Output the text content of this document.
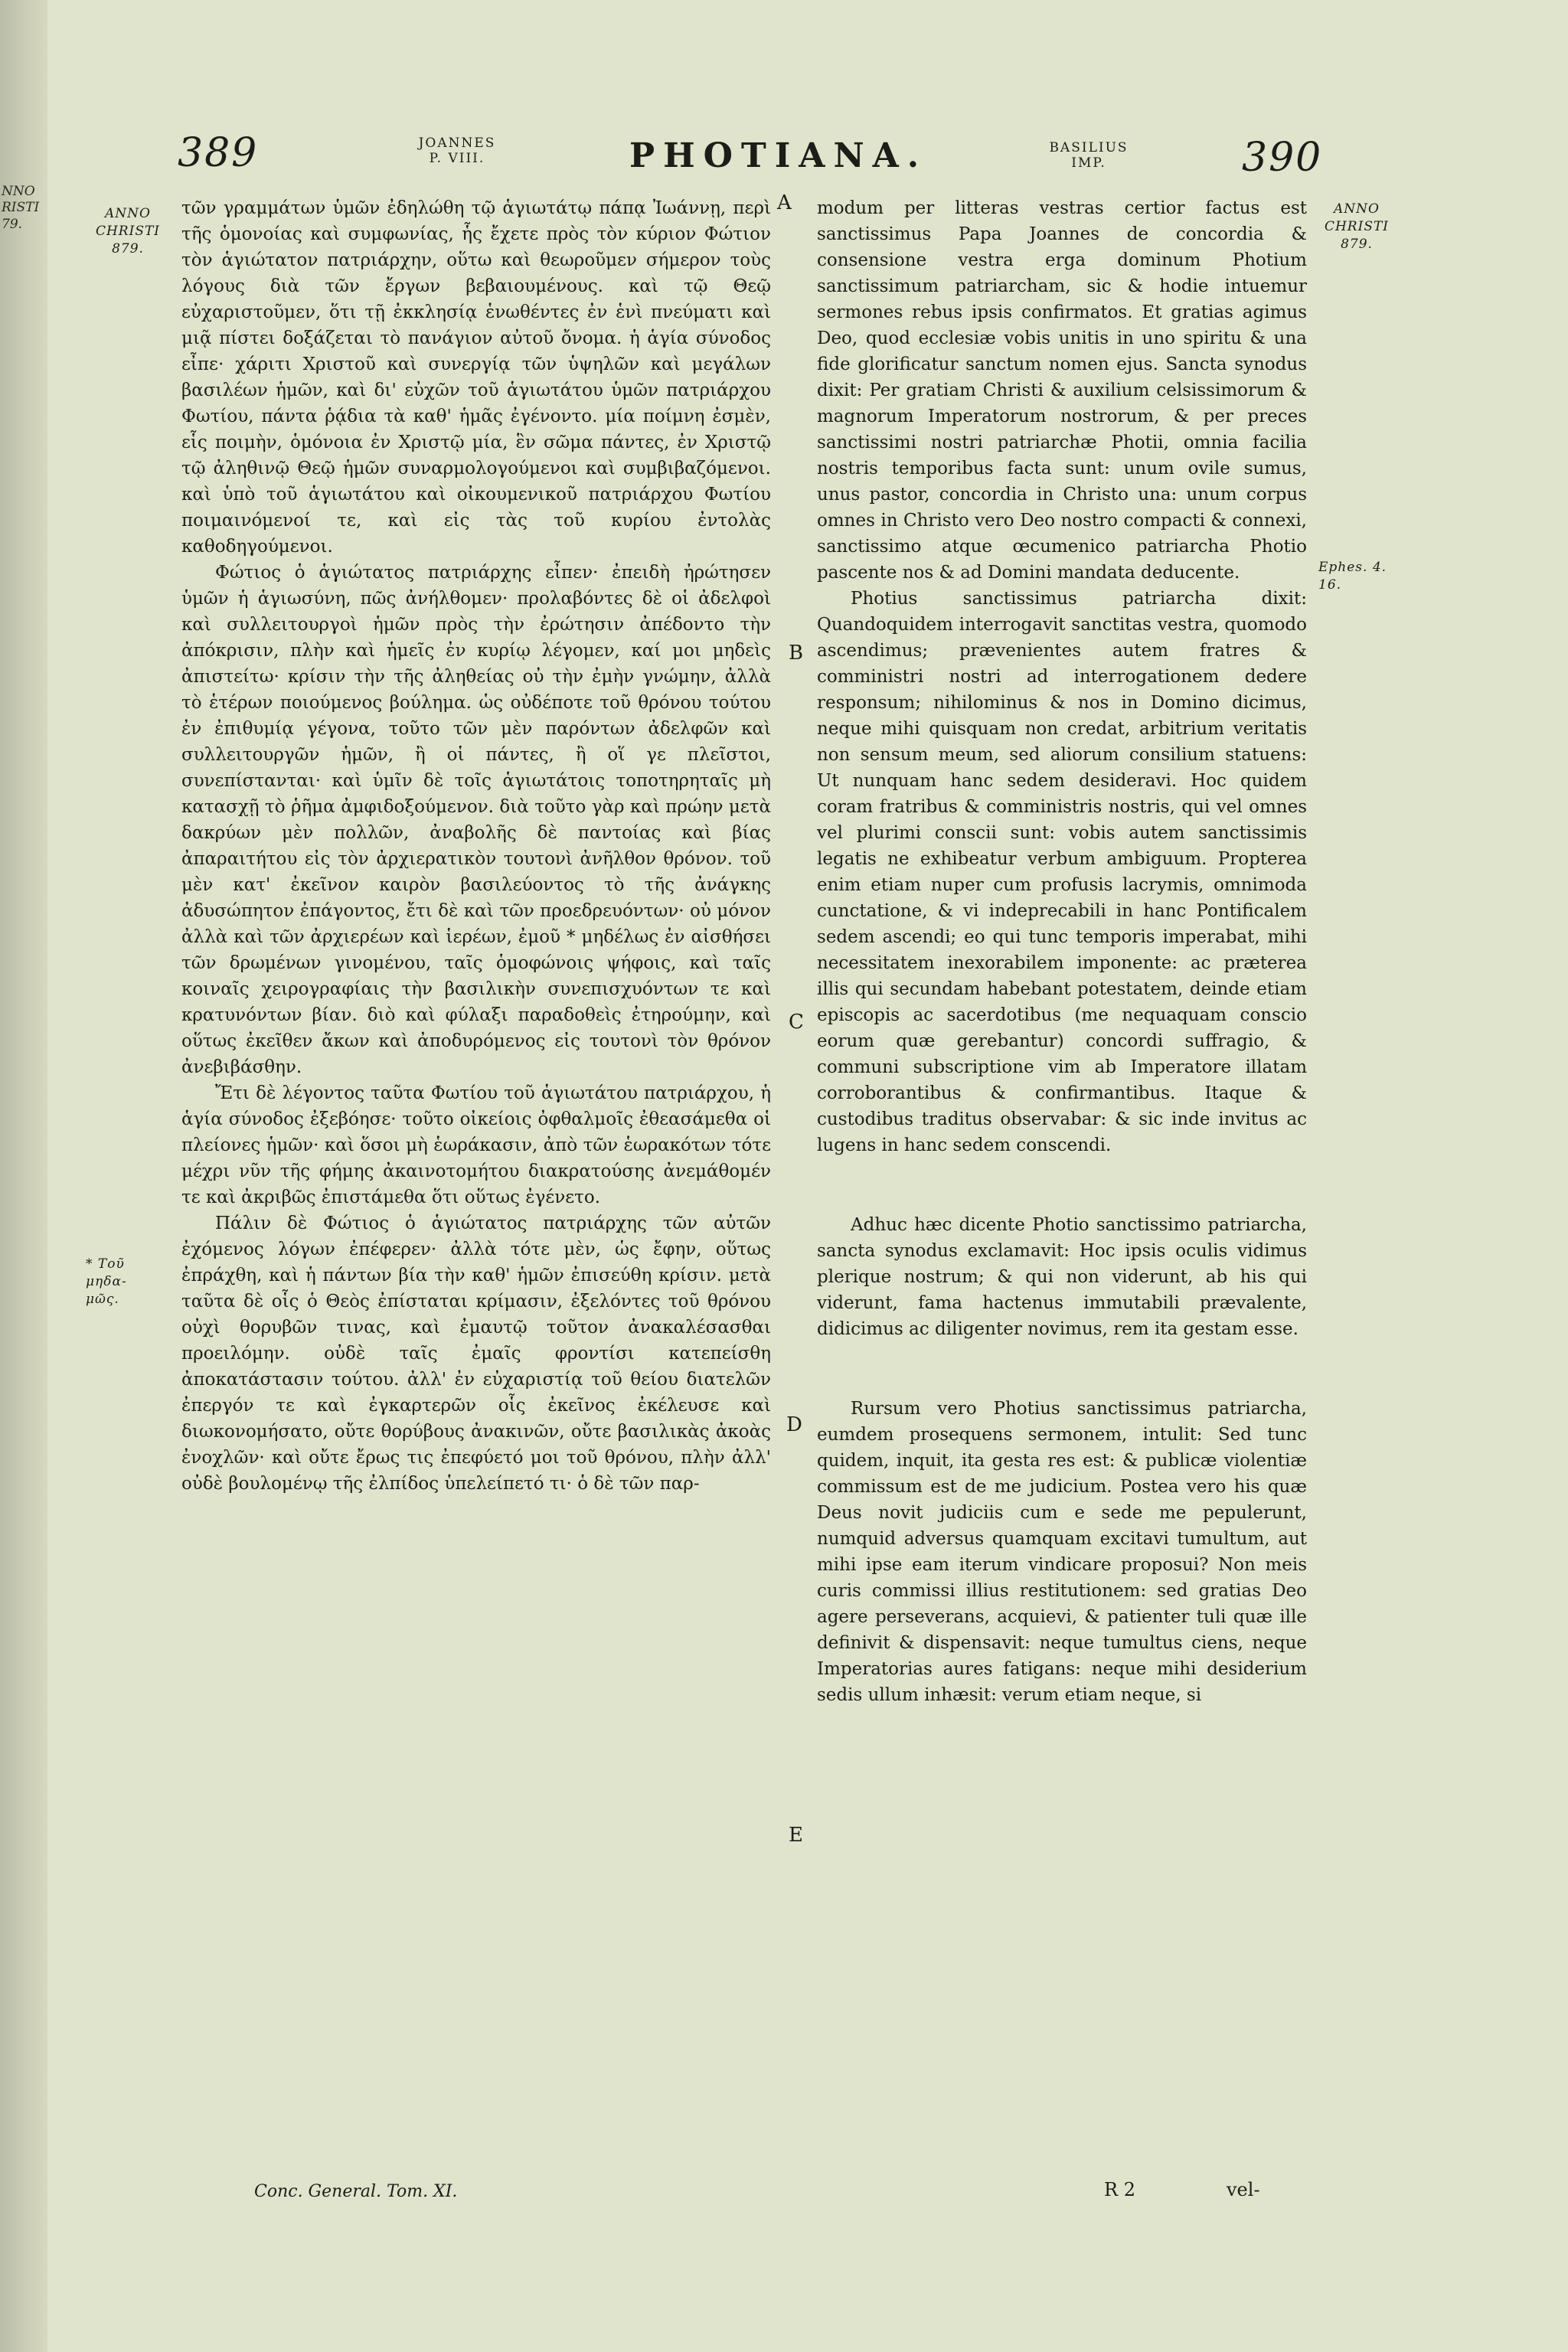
NNO RISTI 79.
389	JOANNES
P. VIII.	PHOTIANA.	BASILIUS
IMP.	390
ANNO
CHRISTI
879.
ANNO
CHRISTI
879.
* Τοῦ μηδα-
μῶς.
Ephes. 4. 16.
A
B
C
D
E

τῶν γραμμάτων ὑμῶν ἐδηλώθη τῷ ἁγιωτάτῳ πάπᾳ Ἰωάννῃ, περὶ τῆς ὁμονοίας καὶ συμφωνίας, ἧς ἔχετε πρὸς τὸν κύριον Φώτιον τὸν ἁγιώτατον πατριάρχην, οὕτω καὶ θεωροῦμεν σήμερον τοὺς λόγους διὰ τῶν ἔργων βεβαιουμένους. καὶ τῷ Θεῷ εὐχαριστοῦμεν, ὅτι τῇ ἐκκλησίᾳ ἑνωθέντες ἐν ἑνὶ πνεύματι καὶ μιᾷ πίστει δοξάζεται τὸ πανάγιον αὐτοῦ ὄνομα. ἡ ἁγία σύνοδος εἶπε· χάριτι Χριστοῦ καὶ συνεργίᾳ τῶν ὑψηλῶν καὶ μεγάλων βασιλέων ἡμῶν, καὶ δι' εὐχῶν τοῦ ἁγιωτάτου ὑμῶν πατριάρχου Φωτίου, πάντα ῥᾴδια τὰ καθ' ἡμᾶς ἐγένοντο. μία ποίμνη ἐσμὲν, εἷς ποιμὴν, ὁμόνοια ἐν Χριστῷ μία, ἓν σῶμα πάντες, ἐν Χριστῷ τῷ ἀληθινῷ Θεῷ ἡμῶν συναρμολογούμενοι καὶ συμβιβαζόμενοι. καὶ ὑπὸ τοῦ ἁγιωτάτου καὶ οἰκουμενικοῦ πατριάρχου Φωτίου ποιμαινόμενοί τε, καὶ εἰς τὰς τοῦ κυρίου ἐντολὰς καθοδηγούμενοι.

Φώτιος ὁ ἁγιώτατος πατριάρχης εἶπεν· ἐπειδὴ ἠρώτησεν ὑμῶν ἡ ἁγιωσύνη, πῶς ἀνήλθομεν· προλαβόντες δὲ οἱ ἀδελφοὶ καὶ συλλειτουργοὶ ἡμῶν πρὸς τὴν ἐρώτησιν ἀπέδοντο τὴν ἀπόκρισιν, πλὴν καὶ ἡμεῖς ἐν κυρίῳ λέγομεν, καί μοι μηδεὶς ἀπιστείτω· κρίσιν τὴν τῆς ἀληθείας οὐ τὴν ἐμὴν γνώμην, ἀλλὰ τὸ ἑτέρων ποιούμενος βούλημα. ὡς οὐδέποτε τοῦ θρόνου τούτου ἐν ἐπιθυμίᾳ γέγονα, τοῦτο τῶν μὲν παρόντων ἀδελφῶν καὶ συλλειτουργῶν ἡμῶν, ἢ οἱ πάντες, ἢ οἵ γε πλεῖστοι, συνεπίστανται· καὶ ὑμῖν δὲ τοῖς ἁγιωτάτοις τοποτηρηταῖς μὴ κατασχῇ τὸ ῥῆμα ἀμφιδοξούμενον. διὰ τοῦτο γὰρ καὶ πρώην μετὰ δακρύων μὲν πολλῶν, ἀναβολῆς δὲ παντοίας καὶ βίας ἀπαραιτήτου εἰς τὸν ἀρχιερατικὸν τουτονὶ ἀνῆλθον θρόνον. τοῦ μὲν κατ' ἐκεῖνον καιρὸν βασιλεύοντος τὸ τῆς ἀνάγκης ἀδυσώπητον ἐπάγοντος, ἔτι δὲ καὶ τῶν προεδρευόντων· οὐ μόνον ἀλλὰ καὶ τῶν ἀρχιερέων καὶ ἱερέων, ἐμοῦ * μηδέλως ἐν αἰσθήσει τῶν δρωμένων γινομένου, ταῖς ὁμοφώνοις ψήφοις, καὶ ταῖς κοιναῖς χειρογραφίαις τὴν βασιλικὴν συνεπισχυόντων τε καὶ κρατυνόντων βίαν. διὸ καὶ φύλαξι παραδοθεὶς ἐτηρούμην, καὶ οὕτως ἐκεῖθεν ἄκων καὶ ἀποδυρόμενος εἰς τουτονὶ τὸν θρόνον ἀνεβιβάσθην.

Ἔτι δὲ λέγοντος ταῦτα Φωτίου τοῦ ἁγιωτάτου πατριάρχου, ἡ ἁγία σύνοδος ἐξεβόησε· τοῦτο οἰκείοις ὀφθαλμοῖς ἐθεασάμεθα οἱ πλείονες ἡμῶν· καὶ ὅσοι μὴ ἑωράκασιν, ἀπὸ τῶν ἑωρακότων τότε μέχρι νῦν τῆς φήμης ἀκαινοτομήτου διακρατούσης ἀνεμάθομέν τε καὶ ἀκριβῶς ἐπιστάμεθα ὅτι οὕτως ἐγένετο.

Πάλιν δὲ Φώτιος ὁ ἁγιώτατος πατριάρχης τῶν αὐτῶν ἐχόμενος λόγων ἐπέφερεν· ἀλλὰ τότε μὲν, ὡς ἔφην, οὕτως ἐπράχθη, καὶ ἡ πάντων βία τὴν καθ' ἡμῶν ἐπισεύθη κρίσιν. μετὰ ταῦτα δὲ οἷς ὁ Θεὸς ἐπίσταται κρίμασιν, ἐξελόντες τοῦ θρόνου οὐχὶ θορυβῶν τινας, καὶ ἐμαυτῷ τοῦτον ἀνακαλέσασθαι προειλόμην. οὐδὲ ταῖς ἐμαῖς φροντίσι κατεπείσθη ἀποκατάστασιν τούτου. ἀλλ' ἐν εὐχαριστίᾳ τοῦ θείου διατελῶν ἐπεργόν τε καὶ ἐγκαρτερῶν οἷς ἐκεῖνος ἐκέλευσε καὶ διωκονομήσατο, οὔτε θορύβους ἀνακινῶν, οὔτε βασιλικὰς ἀκοὰς ἐνοχλῶν· καὶ οὔτε ἔρως τις ἐπεφύετό μοι τοῦ θρόνου, πλὴν ἀλλ' οὐδὲ βουλομένῳ τῆς ἐλπίδος ὑπελείπετό τι· ὁ δὲ τῶν παρ-

modum per litteras vestras certior factus est sanctissimus Papa Joannes de concordia & consensione vestra erga dominum Photium sanctissimum patriarcham, sic & hodie intuemur sermones rebus ipsis confirmatos. Et gratias agimus Deo, quod ecclesiæ vobis unitis in uno spiritu & una fide glorificatur sanctum nomen ejus. Sancta synodus dixit: Per gratiam Christi & auxilium celsissimorum & magnorum Imperatorum nostrorum, & per preces sanctissimi nostri patriarchæ Photii, omnia facilia nostris temporibus facta sunt: unum ovile sumus, unus pastor, concordia in Christo una: unum corpus omnes in Christo vero Deo nostro compacti & connexi, sanctissimo atque œcumenico patriarcha Photio pascente nos & ad Domini mandata deducente.

Photius sanctissimus patriarcha dixit: Quandoquidem interrogavit sanctitas vestra, quomodo ascendimus; prævenientes autem fratres & comministri nostri ad interrogationem dedere responsum; nihilominus & nos in Domino dicimus, neque mihi quisquam non credat, arbitrium veritatis non sensum meum, sed aliorum consilium statuens: Ut nunquam hanc sedem desideravi. Hoc quidem coram fratribus & comministris nostris, qui vel omnes vel plurimi conscii sunt: vobis autem sanctissimis legatis ne exhibeatur verbum ambiguum. Propterea enim etiam nuper cum profusis lacrymis, omnimoda cunctatione, & vi indeprecabili in hanc Pontificalem sedem ascendi; eo qui tunc temporis imperabat, mihi necessitatem inexorabilem imponente: ac præterea illis qui secundam habebant potestatem, deinde etiam episcopis ac sacerdotibus (me nequaquam conscio eorum quæ gerebantur) concordi suffragio, & communi subscriptione vim ab Imperatore illatam corroborantibus & confirmantibus. Itaque & custodibus traditus observabar: & sic inde invitus ac lugens in hanc sedem conscendi.

Adhuc hæc dicente Photio sanctissimo patriarcha, sancta synodus exclamavit: Hoc ipsis oculis vidimus plerique nostrum; & qui non viderunt, ab his qui viderunt, fama hactenus immutabili prævalente, didicimus ac diligenter novimus, rem ita gestam esse.

Rursum vero Photius sanctissimus patriarcha, eumdem prosequens sermonem, intulit: Sed tunc quidem, inquit, ita gesta res est: & publicæ violentiæ commissum est de me judicium. Postea vero his quæ Deus novit judiciis cum e sede me pepulerunt, numquid adversus quamquam excitavi tumultum, aut mihi ipse eam iterum vindicare proposui? Non meis curis commissi illius restitutionem: sed gratias Deo agere perseverans, acquievi, & patienter tuli quæ ille definivit & dispensavit: neque tumultus ciens, neque Imperatorias aures fatigans: neque mihi desiderium sedis ullum inhæsit: verum etiam neque, si

Conc. General. Tom. XI.	R 2	vel-
